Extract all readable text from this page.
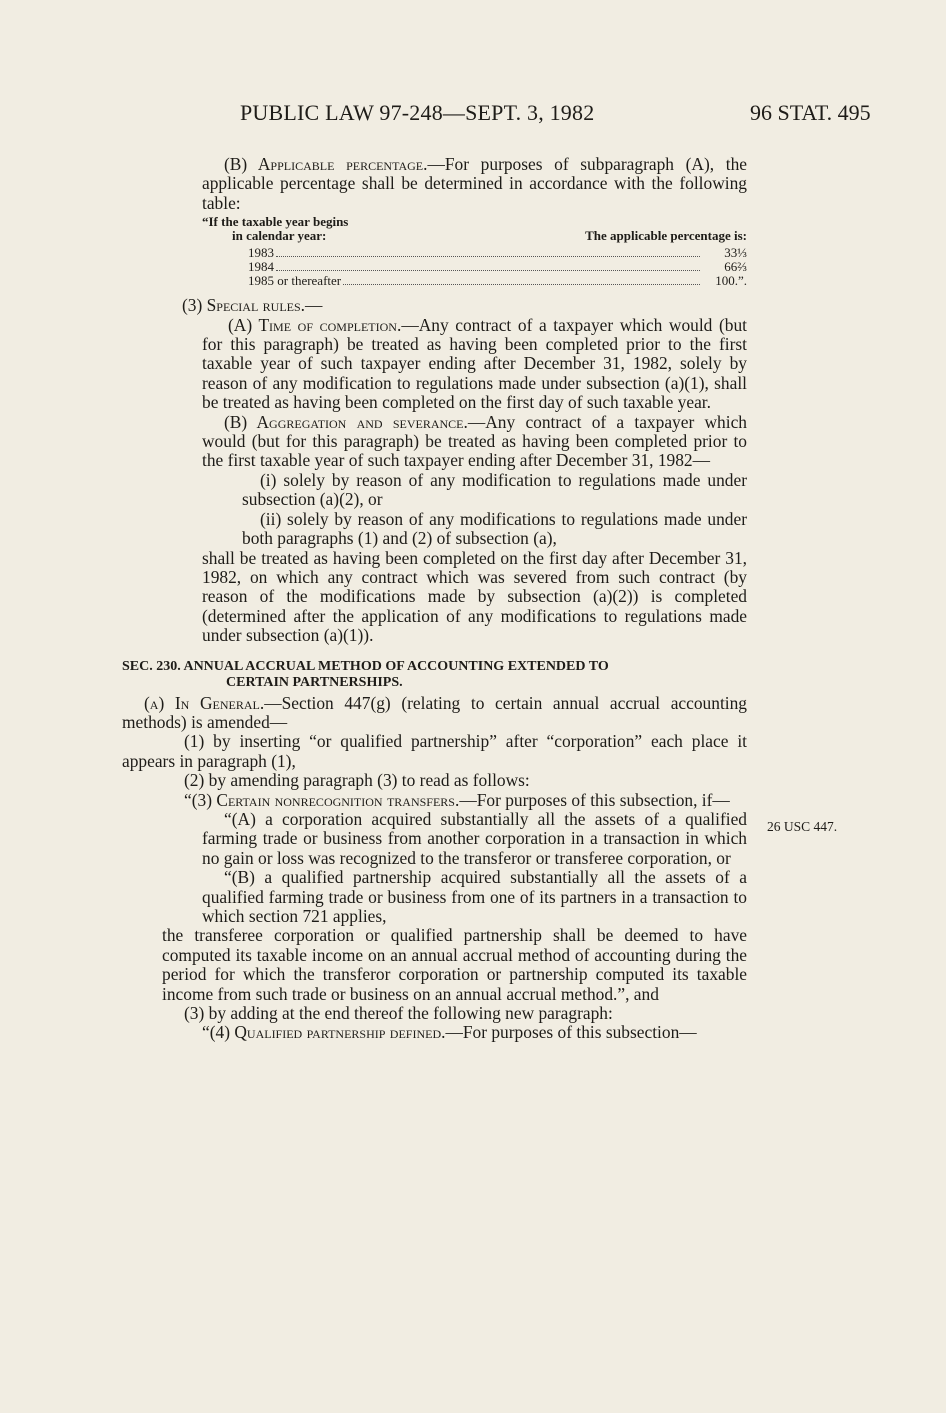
PUBLIC LAW 97-248—SEPT. 3, 1982	96 STAT. 495
26 USC 447.

(B) Applicable percentage.—For purposes of subparagraph (A), the applicable percentage shall be determined in accordance with the following table:

“If the taxable year begins

in calendar year:	The applicable percentage is:
1983	33⅓
1984	66⅔
1985 or thereafter	100.”.

(3) Special rules.—

(A) Time of completion.—Any contract of a taxpayer which would (but for this paragraph) be treated as having been completed prior to the first taxable year of such taxpayer ending after December 31, 1982, solely by reason of any modification to regulations made under subsection (a)(1), shall be treated as having been completed on the first day of such taxable year.

(B) Aggregation and severance.—Any contract of a taxpayer which would (but for this paragraph) be treated as having been completed prior to the first taxable year of such taxpayer ending after December 31, 1982—

(i) solely by reason of any modification to regulations made under subsection (a)(2), or

(ii) solely by reason of any modifications to regulations made under both paragraphs (1) and (2) of subsection (a),

shall be treated as having been completed on the first day after December 31, 1982, on which any contract which was severed from such contract (by reason of the modifications made by subsection (a)(2)) is completed (determined after the application of any modifications to regulations made under subsection (a)(1)).

SEC. 230. ANNUAL ACCRUAL METHOD OF ACCOUNTING EXTENDED TO
CERTAIN PARTNERSHIPS.

(a) In General.—Section 447(g) (relating to certain annual accrual accounting methods) is amended—

(1) by inserting “or qualified partnership” after “corporation” each place it appears in paragraph (1),

(2) by amending paragraph (3) to read as follows:

“(3) Certain nonrecognition transfers.—For purposes of this subsection, if—

“(A) a corporation acquired substantially all the assets of a qualified farming trade or business from another corporation in a transaction in which no gain or loss was recognized to the transferor or transferee corporation, or

“(B) a qualified partnership acquired substantially all the assets of a qualified farming trade or business from one of its partners in a transaction to which section 721 applies,

the transferee corporation or qualified partnership shall be deemed to have computed its taxable income on an annual accrual method of accounting during the period for which the transferor corporation or partnership computed its taxable income from such trade or business on an annual accrual method.”, and

(3) by adding at the end thereof the following new paragraph:

“(4) Qualified partnership defined.—For purposes of this subsection—
